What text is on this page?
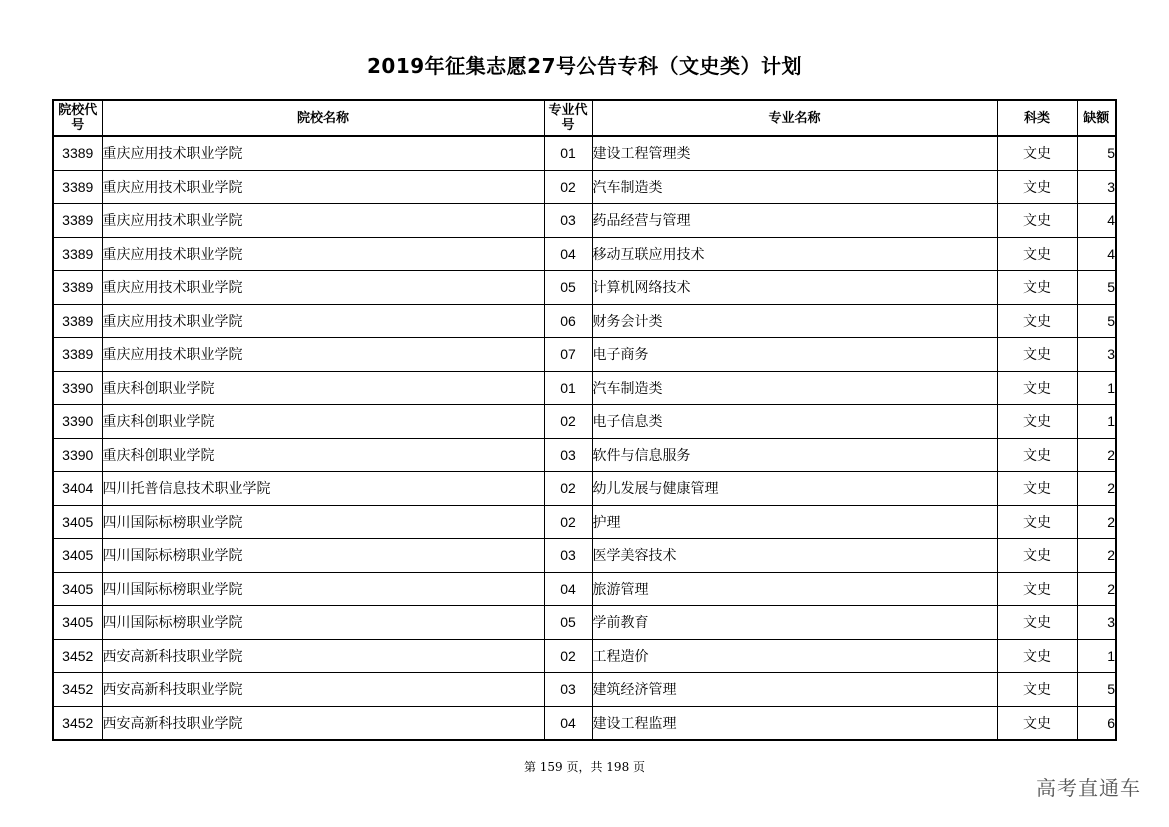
2019年征集志愿27号公告专科（文史类）计划
院校代号	院校名称	专业代号	专业名称	科类	缺额
3389	重庆应用技术职业学院	01	建设工程管理类	文史	5
3389	重庆应用技术职业学院	02	汽车制造类	文史	3
3389	重庆应用技术职业学院	03	药品经营与管理	文史	4
3389	重庆应用技术职业学院	04	移动互联应用技术	文史	4
3389	重庆应用技术职业学院	05	计算机网络技术	文史	5
3389	重庆应用技术职业学院	06	财务会计类	文史	5
3389	重庆应用技术职业学院	07	电子商务	文史	3
3390	重庆科创职业学院	01	汽车制造类	文史	1
3390	重庆科创职业学院	02	电子信息类	文史	1
3390	重庆科创职业学院	03	软件与信息服务	文史	2
3404	四川托普信息技术职业学院	02	幼儿发展与健康管理	文史	2
3405	四川国际标榜职业学院	02	护理	文史	2
3405	四川国际标榜职业学院	03	医学美容技术	文史	2
3405	四川国际标榜职业学院	04	旅游管理	文史	2
3405	四川国际标榜职业学院	05	学前教育	文史	3
3452	西安高新科技职业学院	02	工程造价	文史	1
3452	西安高新科技职业学院	03	建筑经济管理	文史	5
3452	西安高新科技职业学院	04	建设工程监理	文史	6
第 159 页，共 198 页
高考直通车
